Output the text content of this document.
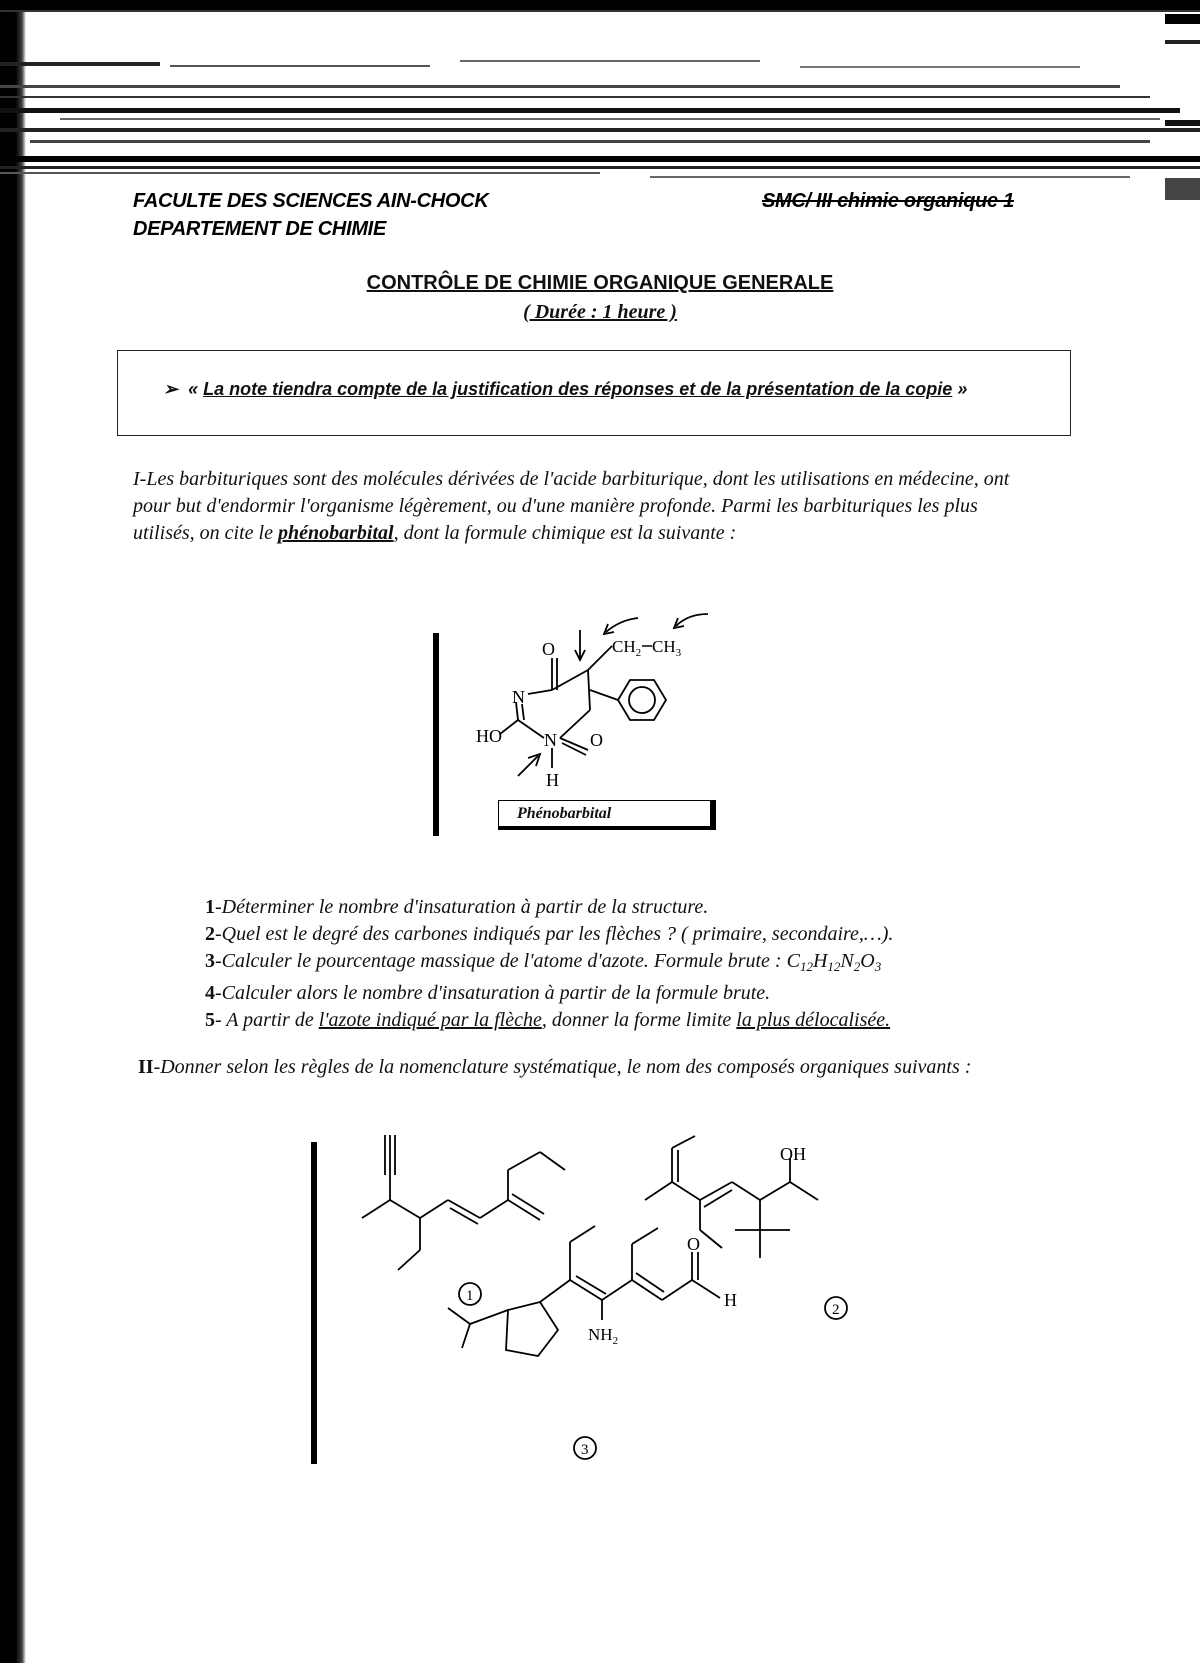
FACULTE DES SCIENCES AIN-CHOCK
DEPARTEMENT DE CHIMIE
SMC/ III chimie organique 1
CONTRÔLE DE CHIMIE ORGANIQUE GENERALE
( Durée : 1 heure )
➢ « La note tiendra compte de la justification des réponses et de la présentation de la copie »
I-Les barbituriques sont des molécules dérivées de l'acide barbiturique, dont les utilisations en médecine, ont pour but d'endormir l'organisme légèrement, ou d'une manière profonde. Parmi les barbituriques les plus utilisés, on cite le phénobarbital, dont la formule chimique est la suivante :
O
N
HO N
H
O
$CH_2$ $CH_3$
Phénobarbital
1-Déterminer le nombre d'insaturation à partir de la structure.
2-Quel est le degré des carbones indiqués par les flèches ? ( primaire, secondaire,…).
3-Calculer le pourcentage massique de l'atome d'azote. Formule brute : $C_{12}H_{12}N_2O_3$
4-Calculer alors le nombre d'insaturation à partir de la formule brute.
5- A partir de l'azote indiqué par la flèche, donner la forme limite la plus délocalisée.
II-Donner selon les règles de la nomenclature systématique, le nom des composés organiques suivants :
1
OH
2
O
H
$NH_2$
3
